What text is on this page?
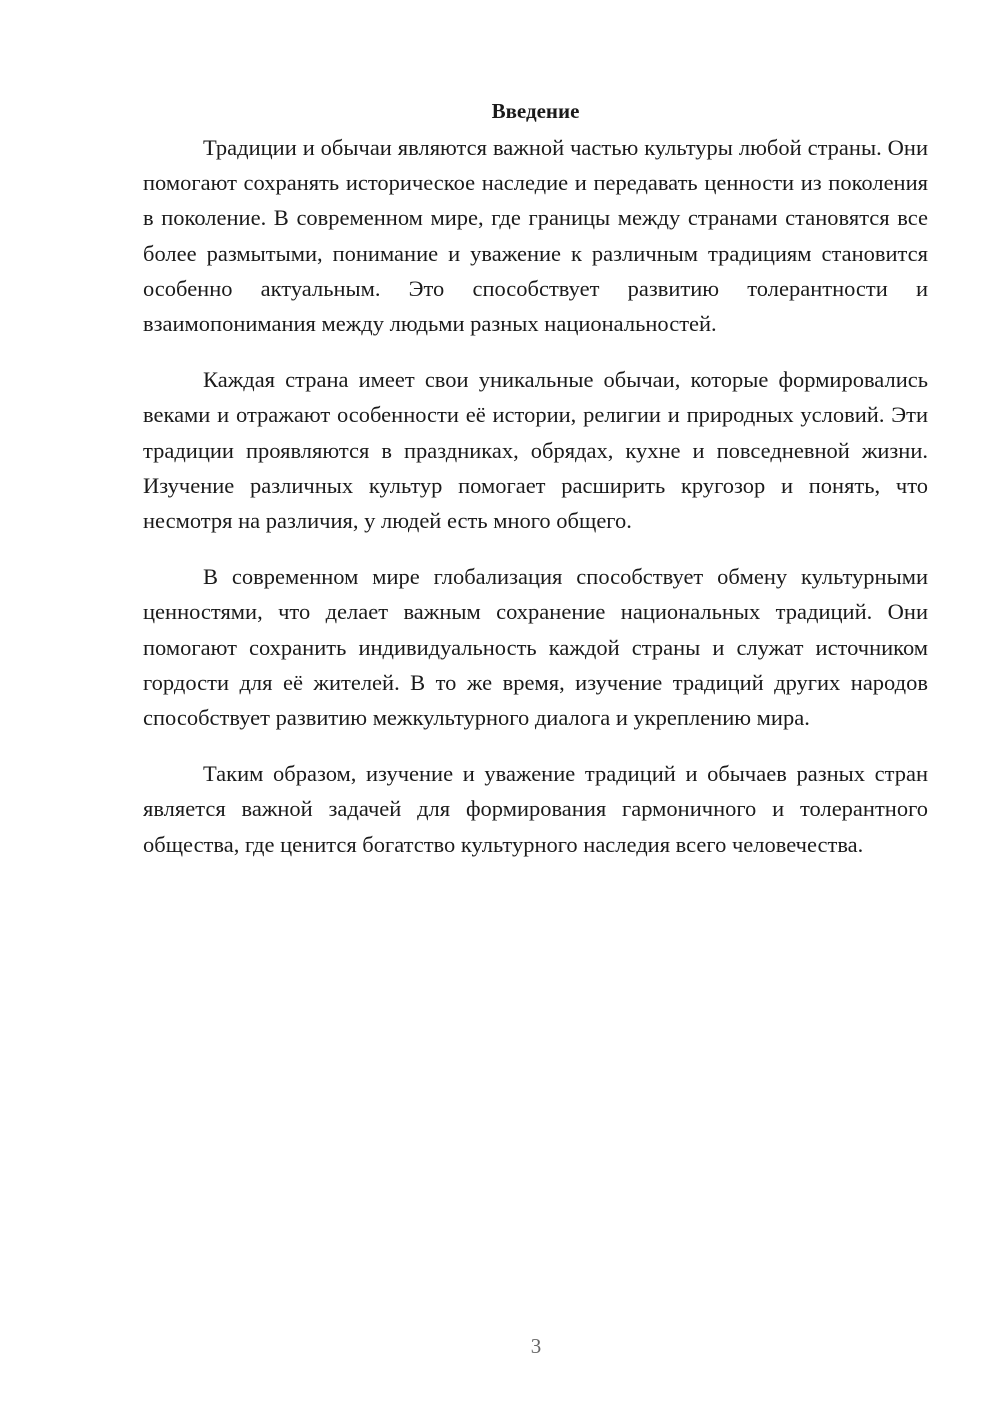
Введение

Традиции и обычаи являются важной частью культуры любой страны. Они помогают сохранять историческое наследие и передавать ценности из поколения в поколение. В современном мире, где границы между странами становятся все более размытыми, понимание и уважение к различным традициям становится особенно актуальным. Это способствует развитию толерантности и взаимопонимания между людьми разных национальностей.

Каждая страна имеет свои уникальные обычаи, которые формировались веками и отражают особенности её истории, религии и природных условий. Эти традиции проявляются в праздниках, обрядах, кухне и повседневной жизни. Изучение различных культур помогает расширить кругозор и понять, что несмотря на различия, у людей есть много общего.

В современном мире глобализация способствует обмену культурными ценностями, что делает важным сохранение национальных традиций. Они помогают сохранить индивидуальность каждой страны и служат источником гордости для её жителей. В то же время, изучение традиций других народов способствует развитию межкультурного диалога и укреплению мира.

Таким образом, изучение и уважение традиций и обычаев разных стран является важной задачей для формирования гармоничного и толерантного общества, где ценится богатство культурного наследия всего человечества.

3
